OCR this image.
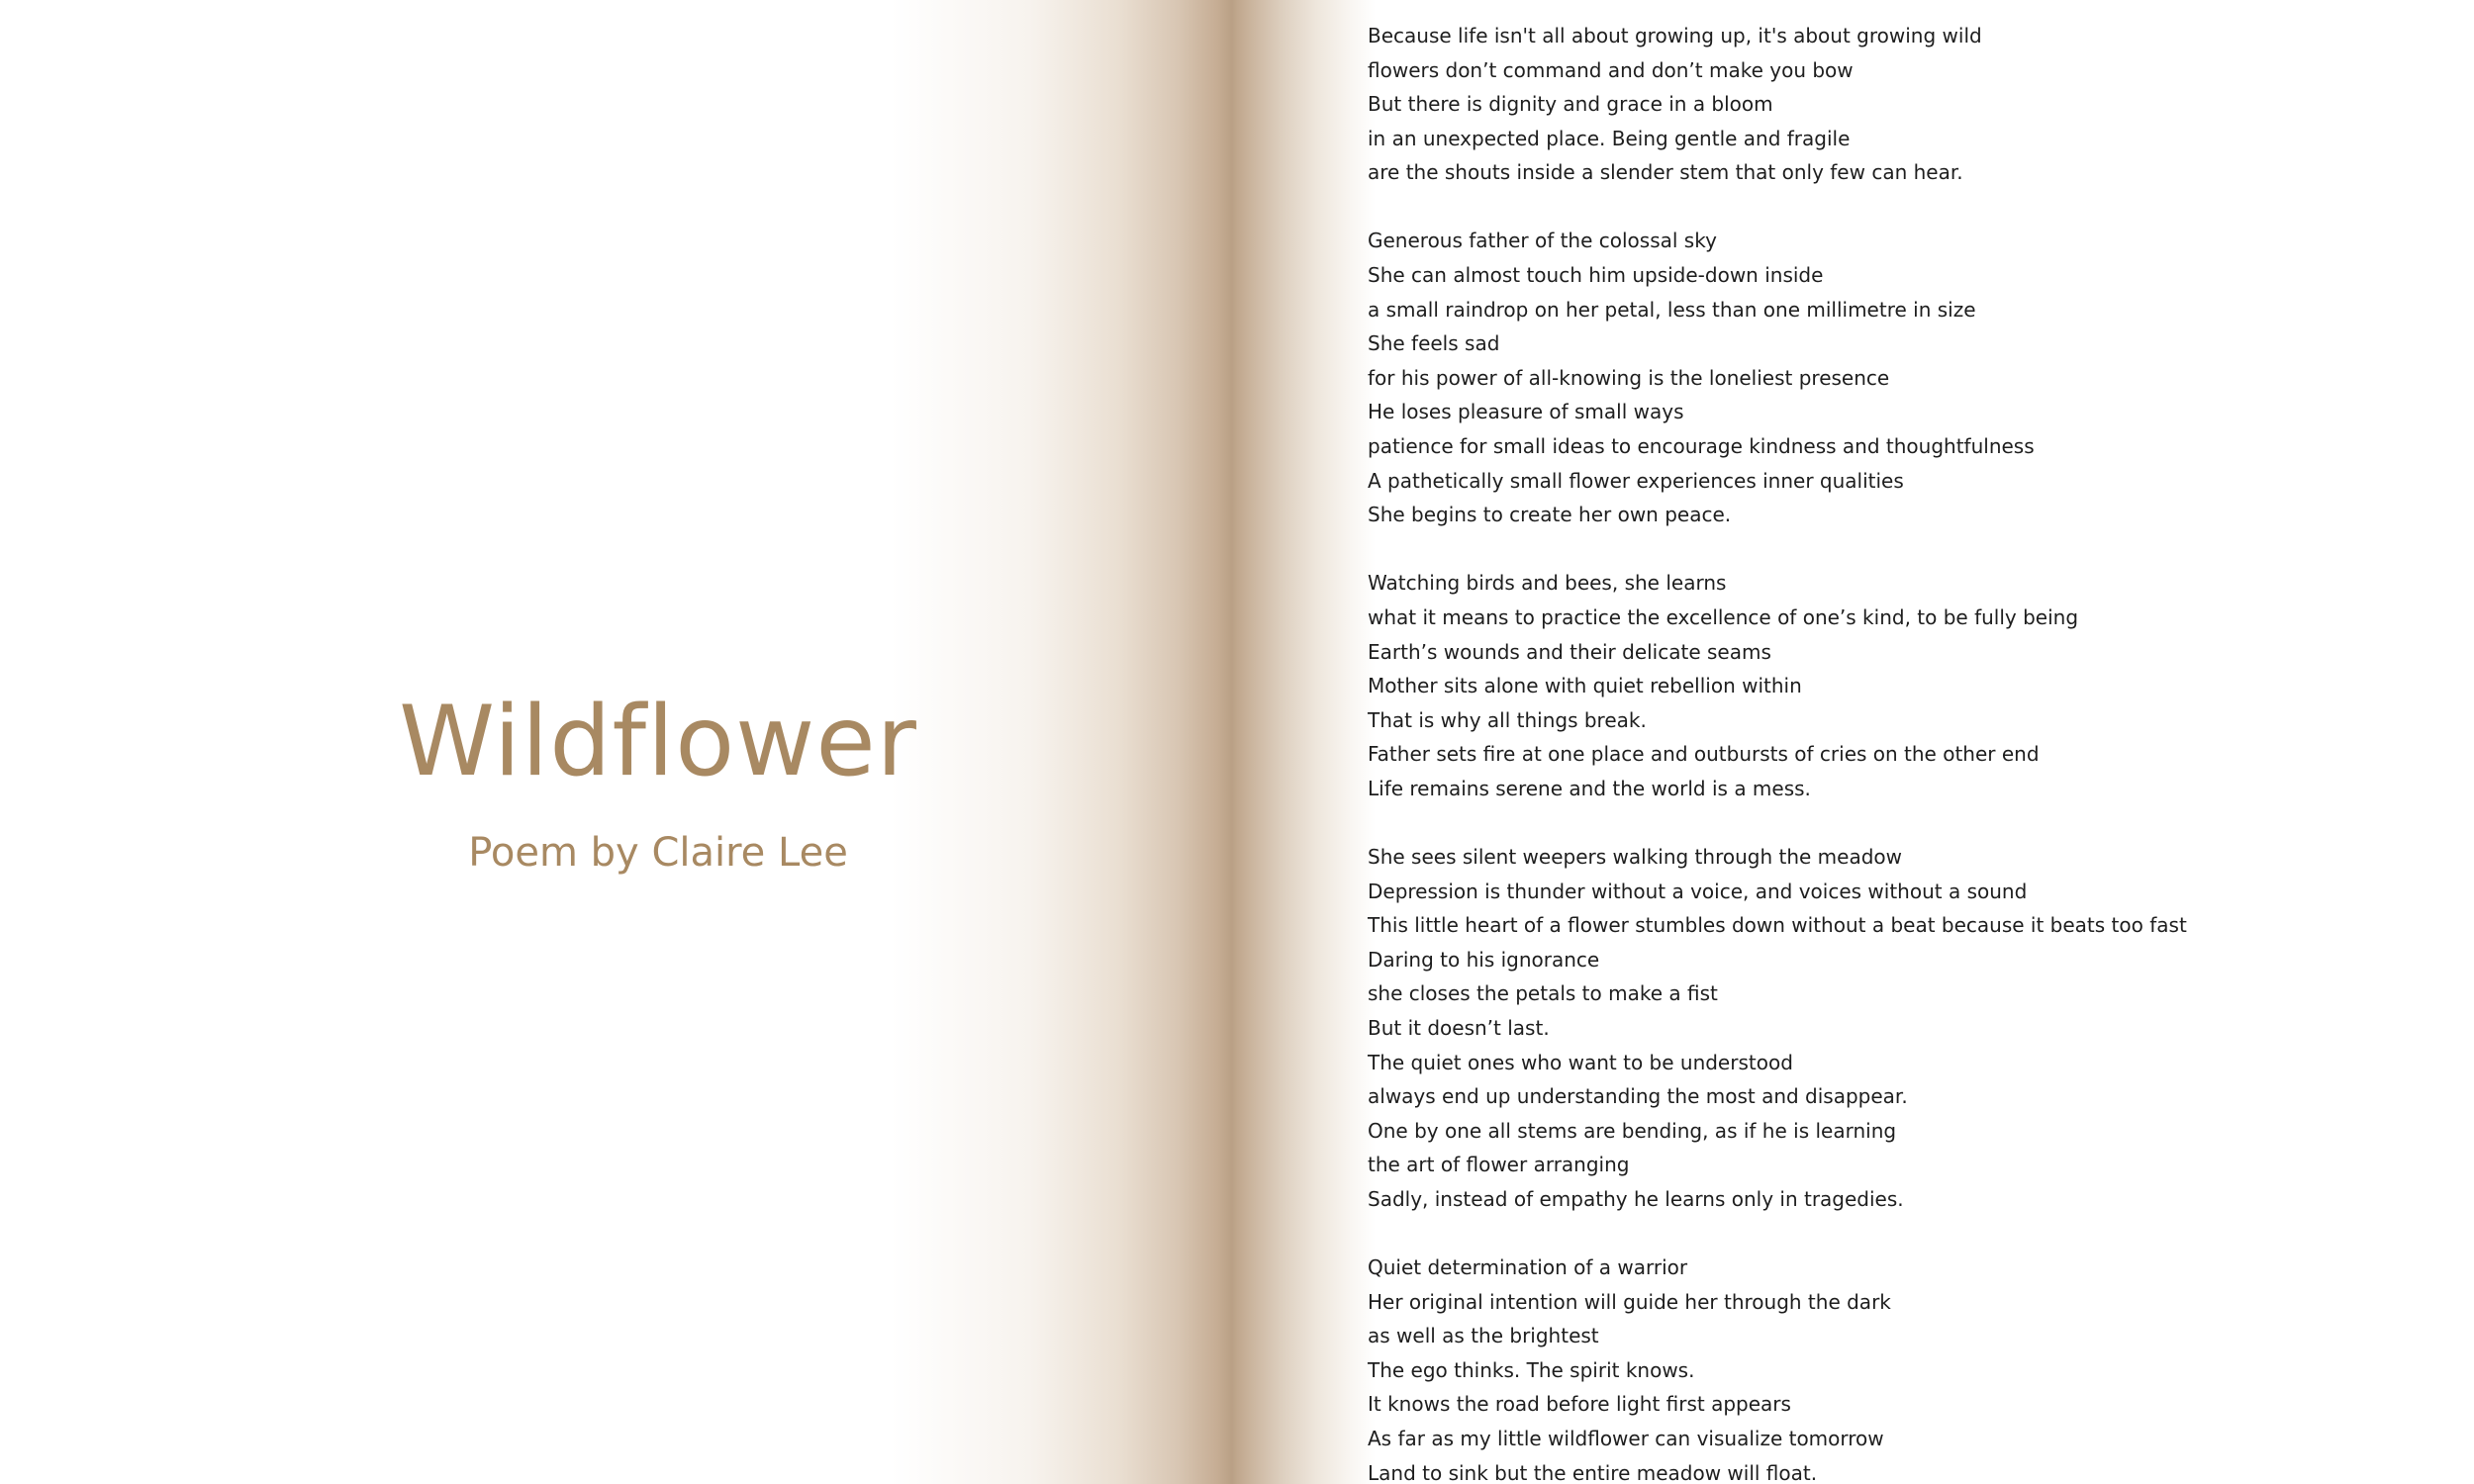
Wildflower
Poem by Claire Lee
Because life isn't all about growing up, it's about growing wild
flowers don’t command and don’t make you bow
But there is dignity and grace in a bloom
in an unexpected place. Being gentle and fragile
are the shouts inside a slender stem that only few can hear.
Generous father of the colossal sky
She can almost touch him upside-down inside
a small raindrop on her petal, less than one millimetre in size
She feels sad
for his power of all-knowing is the loneliest presence
He loses pleasure of small ways
patience for small ideas to encourage kindness and thoughtfulness
A pathetically small flower experiences inner qualities
She begins to create her own peace.
Watching birds and bees, she learns
what it means to practice the excellence of one’s kind, to be fully being
Earth’s wounds and their delicate seams
Mother sits alone with quiet rebellion within
That is why all things break.
Father sets fire at one place and outbursts of cries on the other end
Life remains serene and the world is a mess.
She sees silent weepers walking through the meadow
Depression is thunder without a voice, and voices without a sound
This little heart of a flower stumbles down without a beat because it beats too fast
Daring to his ignorance
she closes the petals to make a fist
But it doesn’t last.
The quiet ones who want to be understood
always end up understanding the most and disappear.
One by one all stems are bending, as if he is learning
the art of flower arranging
Sadly, instead of empathy he learns only in tragedies.
Quiet determination of a warrior
Her original intention will guide her through the dark
as well as the brightest
The ego thinks. The spirit knows.
It knows the road before light first appears
As far as my little wildflower can visualize tomorrow
Land to sink but the entire meadow will float.
